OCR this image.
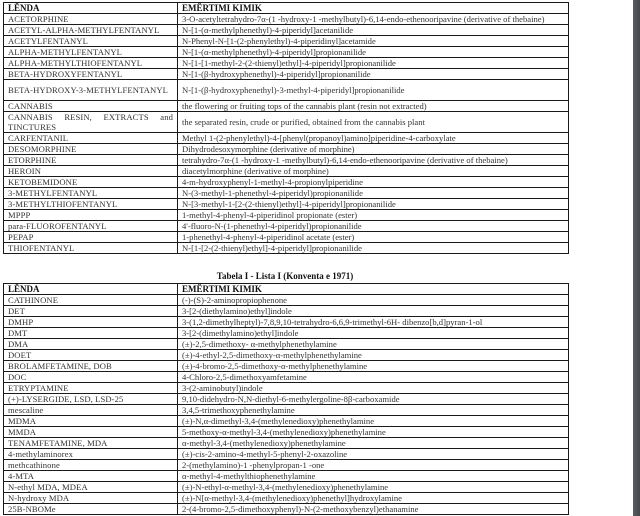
LËNDA	EMËRTIMI KIMIK
ACETORPHINE	3-O-acetyltetrahydro-7α-(1 -hydroxy-1 -methylbutyl)-6,14-endo-ethenooripavine (derivative of thebaine)
ACETYL-ALPHA-METHYLFENTANYL	N-[1-(α-methylphenethyl)-4-piperidyl]acetanilide
ACETYLFENTANYL	N-Phenyl-N-[1-(2-phenylethyl)-4-piperidinyl]acetamide
ALPHA-METHYLFENTANYL	N-[1-(α-methylphenethyl)-4-piperidyl]propionanilide
ALPHA-METHYLTHIOFENTANYL	N-[1-[1-methyl-2-(2-thienyl)ethyl]-4-piperidyl]propionanilide
BETA-HYDROXYFENTANYL	N-[1-(β-hydroxyphenethyl)-4-piperidyl]propionanilide
BETA-HYDROXY-3-METHYLFENTANYL	N-[1-(β-hydroxyphenethyl)-3-methyl-4-piperidyl]propionanilide
CANNABIS	the flowering or fruiting tops of the cannabis plant (resin not extracted)
CANNABIS RESIN, EXTRACTS and TINCTURES	the separated resin, crude or purified, obtained from the cannabis plant
CARFENTANIL	Methyl 1-(2-phenylethyl)-4-[phenyl(propanoyl)amino]piperidine-4-carboxylate
DESOMORPHINE	Dihydrodesoxymorphine (derivative of morphine)
ETORPHINE	tetrahydro-7α-(1 -hydroxy-1 -methylbutyl)-6,14-endo-ethenooripavine (derivative of thebaine)
HEROIN	diacetylmorphine (derivative of morphine)
KETOBEMIDONE	4-m-hydroxyphenyl-1-methyl-4-propionylpiperidine
3-METHYLFENTANYL	N-(3-methyl-1-phenethyl-4-piperidyl)propionanilide
3-METHYLTHIOFENTANYL	N-[3-methyl-1-[2-(2-thienyl)ethyl]-4-piperidyl]propionanilide
MPPP	1-methyl-4-phenyl-4-piperidinol propionate (ester)
para-FLUOROFENTANYL	4'-fluoro-N-(1-phenethyl-4-piperidyl)propionanilide
PEPAP	1-phenethyl-4-phenyl-4-piperidinol acetate (ester)
THIOFENTANYL	N-[1-[2-(2-thienyl)ethyl]-4-piperidyl]propionanilide
Tabela I - Lista I (Konventa e 1971)
LËNDA	EMËRTIMI KIMIK
CATHINONE	(-)-(S)-2-aminopropiophenone
DET	3-[2-(diethylamino)ethyl]indole
DMHP	3-(1,2-dimethylheptyl)-7,8,9,10-tetrahydro-6,6,9-trimethyl-6H- dibenzo[b,d]pyran-1-ol
DMT	3-[2-(dimethylamino)ethyl]indole
DMA	(±)-2,5-dimethoxy- α-methylphenethylamine
DOET	(±)-4-ethyl-2,5-dimethoxy-α-methylphenethylamine
BROLAMFETAMINE, DOB	(±)-4-bromo-2,5-dimethoxy-α-methylphenethylamine
DOC	4-Chloro-2,5-dimethoxyamfetamine
ETRYPTAMINE	3-(2-aminobutyl)indole
(+)-LYSERGIDE, LSD, LSD-25	9,10-didehydro-N,N-diethyl-6-methylergoline-8β-carboxamide
mescaline	3,4,5-trimethoxyphenethylamine
MDMA	(±)-N,α-dimethyl-3,4-(methylenedioxy)phenethylamine
MMDA	5-methoxy-α-methyl-3,4-(methylenedioxy)phenethylamine
TENAMFETAMINE, MDA	α-methyl-3,4-(methylenedioxy)phenethylamine
4-methylaminorex	(±)-cis-2-amino-4-methyl-5-phenyl-2-oxazoline
methcathinone	2-(methylamino)-1 -phenylpropan-1 -one
4-MTA	α-methyl-4-methylthiophenethylamine
N-ethyl MDA, MDEA	(±)-N-ethyl-α-methyl-3,4-(methylenedioxy)phenethylamine
N-hydroxy MDA	(±)-N[α-methyl-3,4-(methylenedioxy)phenethyl]hydroxylamine
25B-NBOMe	2-(4-bromo-2,5-dimethoxyphenyl)-N-(2-methoxybenzyl)ethanamine
